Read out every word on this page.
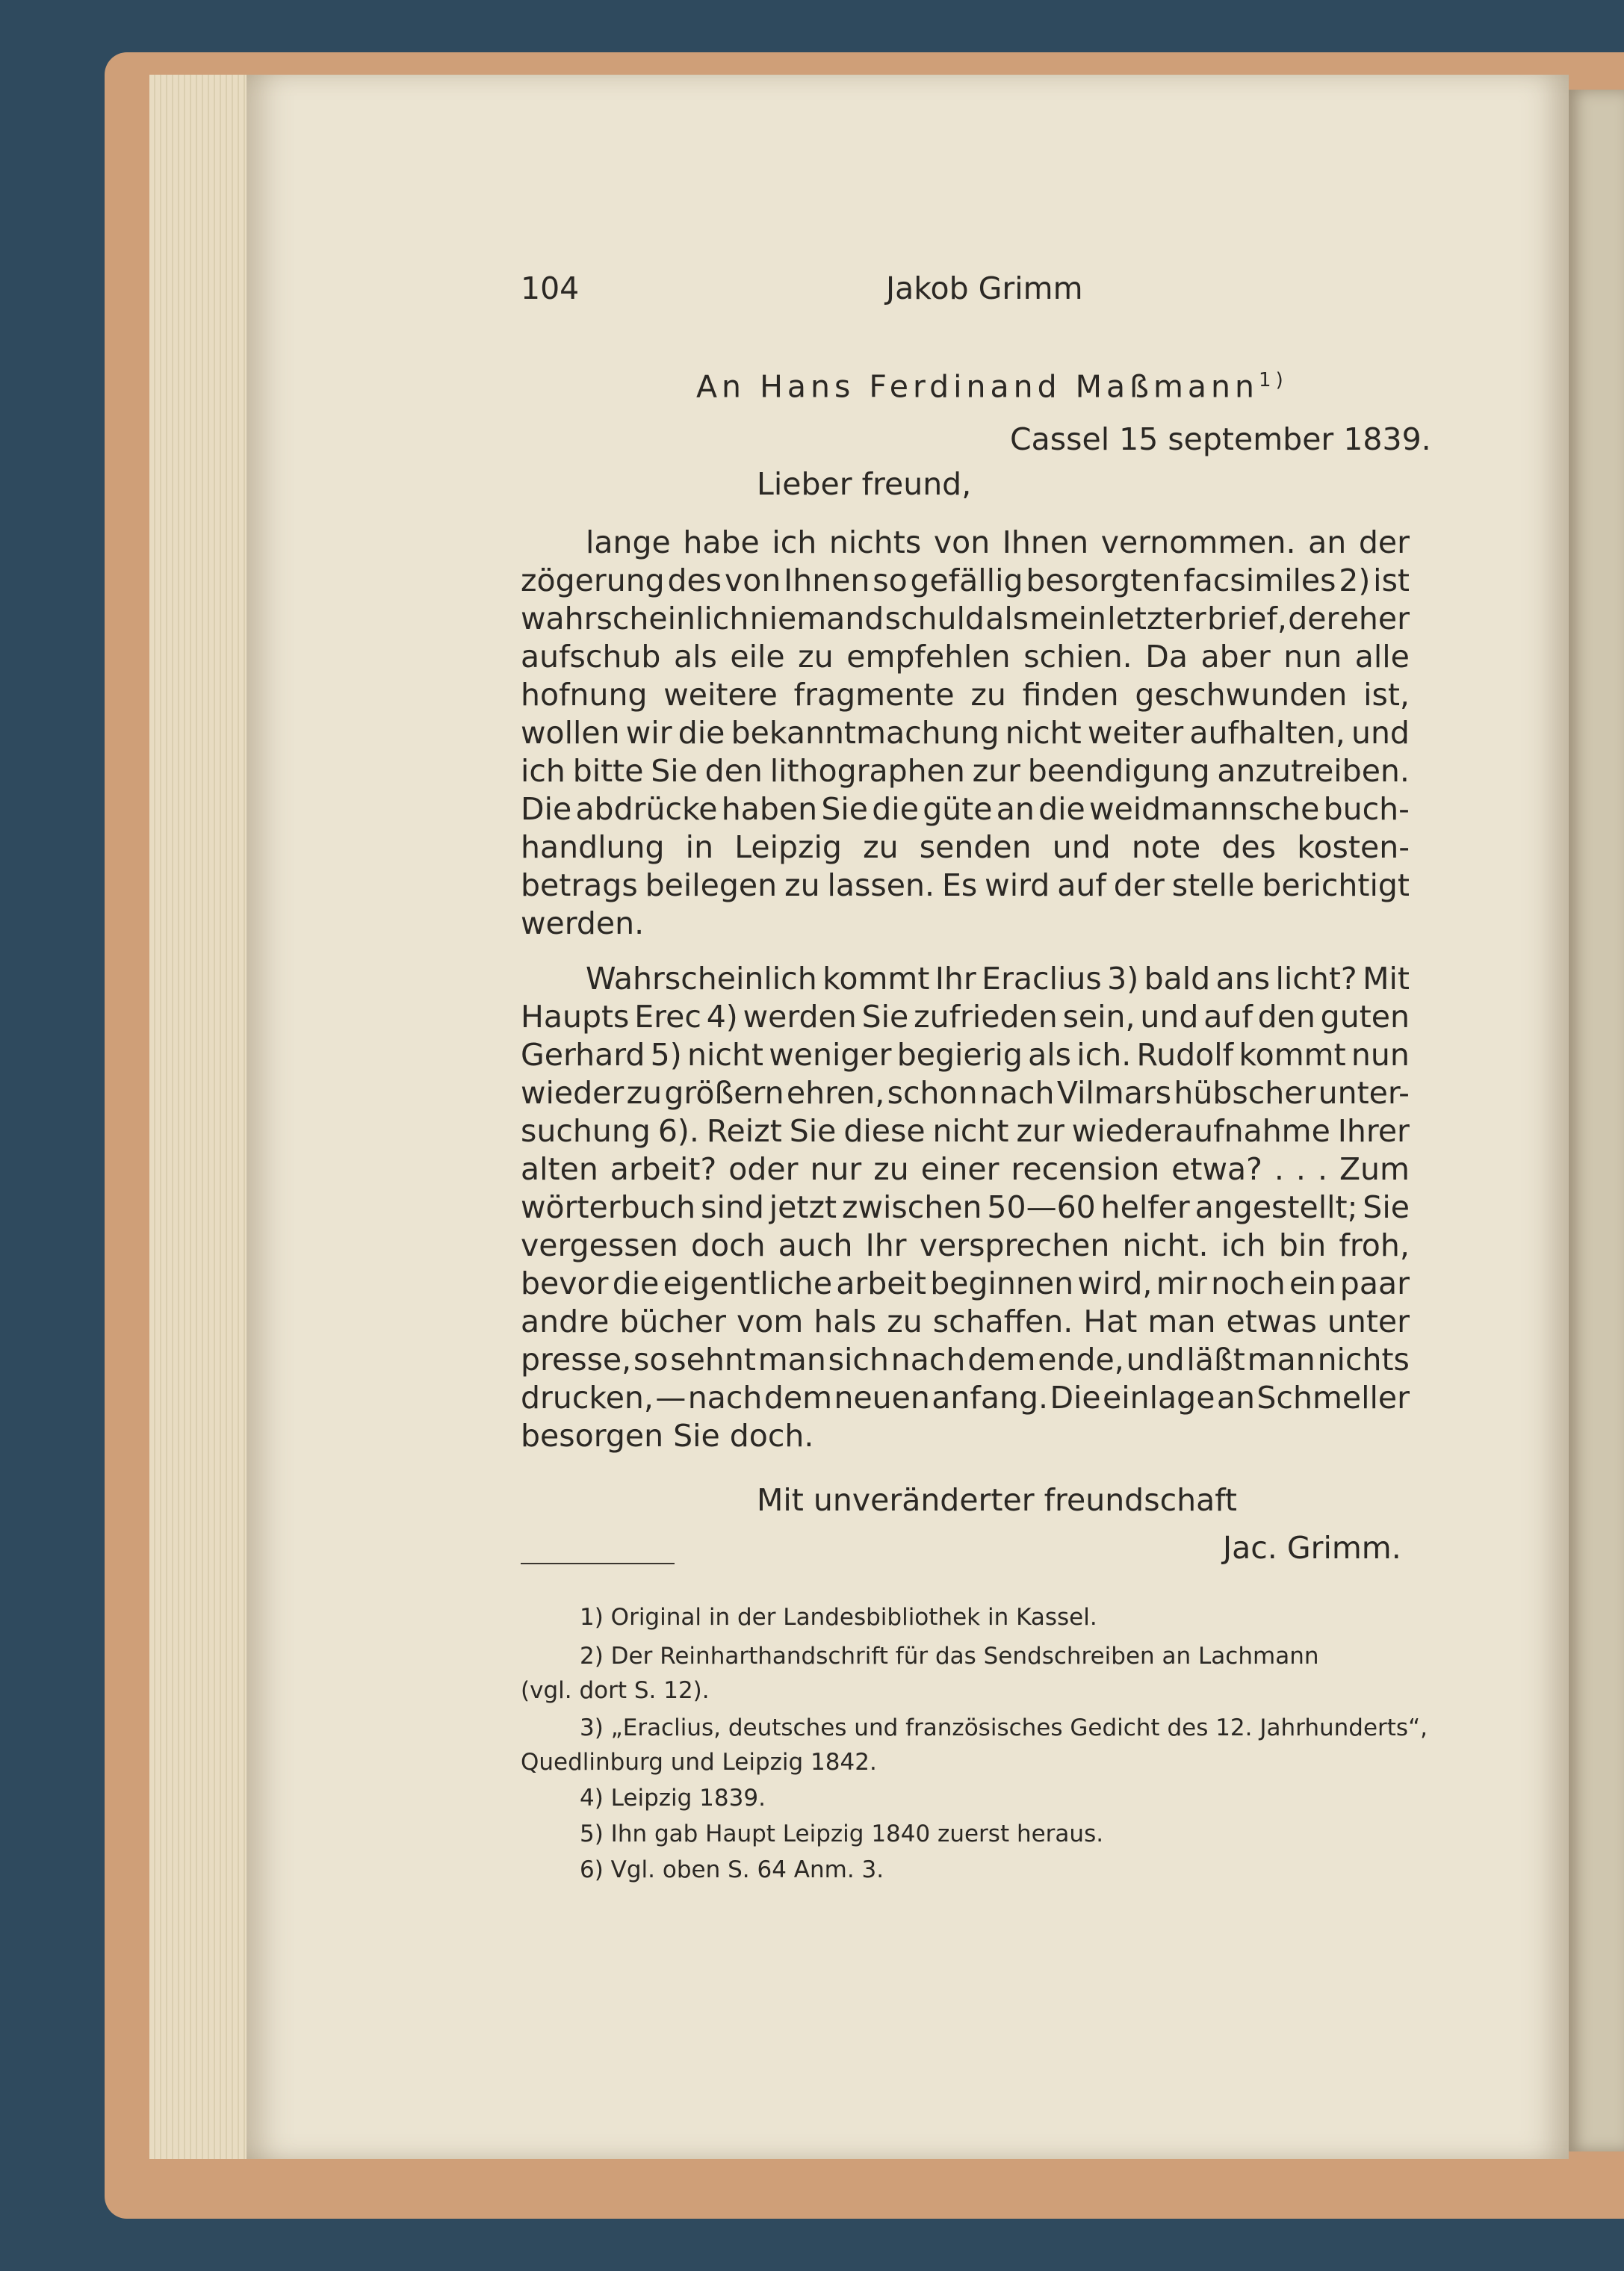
104	Jakob Grimm
An Hans Ferdinand Maßmann$^{1)}$
Cassel 15 september 1839.
Lieber freund,
lange habe ich nichts von Ihnen vernommen. an der
zögerung des von Ihnen so gefällig besorgten facsimiles 2) ist
wahrscheinlich niemand schuld als mein letzter brief, der eher
aufschub als eile zu empfehlen schien. Da aber nun alle
hofnung weitere fragmente zu finden geschwunden ist,
wollen wir die bekanntmachung nicht weiter aufhalten, und
ich bitte Sie den lithographen zur beendigung anzutreiben.
Die abdrücke haben Sie die güte an die weidmannsche buch-
handlung in Leipzig zu senden und note des kosten-
betrags beilegen zu lassen. Es wird auf der stelle berichtigt
werden.
Wahrscheinlich kommt Ihr Eraclius 3) bald ans licht? Mit
Haupts Erec 4) werden Sie zufrieden sein, und auf den guten
Gerhard 5) nicht weniger begierig als ich. Rudolf kommt nun
wieder zu größern ehren, schon nach Vilmars hübscher unter-
suchung 6). Reizt Sie diese nicht zur wiederaufnahme Ihrer
alten arbeit? oder nur zu einer recension etwa? . . . Zum
wörterbuch sind jetzt zwischen 50—60 helfer angestellt; Sie
vergessen doch auch Ihr versprechen nicht. ich bin froh,
bevor die eigentliche arbeit beginnen wird, mir noch ein paar
andre bücher vom hals zu schaffen. Hat man etwas unter
presse, so sehnt man sich nach dem ende, und läßt man nichts
drucken, — nach dem neuen anfang. Die einlage an Schmeller
besorgen Sie doch.
Mit unveränderter freundschaft
Jac. Grimm.
1) Original in der Landesbibliothek in Kassel.
2) Der Reinharthandschrift für das Sendschreiben an Lachmann
(vgl. dort S. 12).
3) „Eraclius, deutsches und französisches Gedicht des 12. Jahrhunderts“,
Quedlinburg und Leipzig 1842.
4) Leipzig 1839.
5) Ihn gab Haupt Leipzig 1840 zuerst heraus.
6) Vgl. oben S. 64 Anm. 3.
